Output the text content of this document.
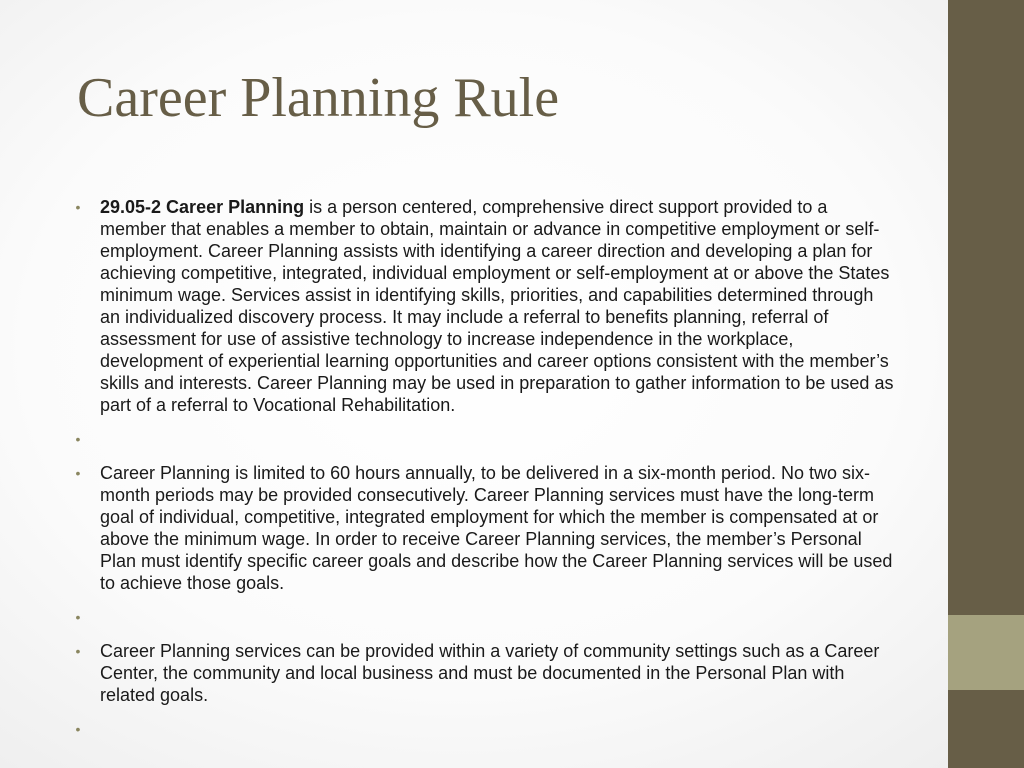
Career Planning Rule
• 29.05-2 Career Planning is a person centered, comprehensive direct support provided to a member that enables a member to obtain, maintain or advance in competitive employment or self-employment. Career Planning assists with identifying a career direction and developing a plan for achieving competitive, integrated, individual employment or self-employment at or above the States minimum wage. Services assist in identifying skills, priorities, and capabilities determined through an individualized discovery process. It may include a referral to benefits planning, referral of assessment for use of assistive technology to increase independence in the workplace, development of experiential learning opportunities and career options consistent with the member’s skills and interests. Career Planning may be used in preparation to gather information to be used as part of a referral to Vocational Rehabilitation.
•
• Career Planning is limited to 60 hours annually, to be delivered in a six-month period. No two six-month periods may be provided consecutively. Career Planning services must have the long-term goal of individual, competitive, integrated employment for which the member is compensated at or above the minimum wage. In order to receive Career Planning services, the member’s Personal Plan must identify specific career goals and describe how the Career Planning services will be used to achieve those goals.
•
• Career Planning services can be provided within a variety of community settings such as a Career Center, the community and local business and must be documented in the Personal Plan with related goals.
•
